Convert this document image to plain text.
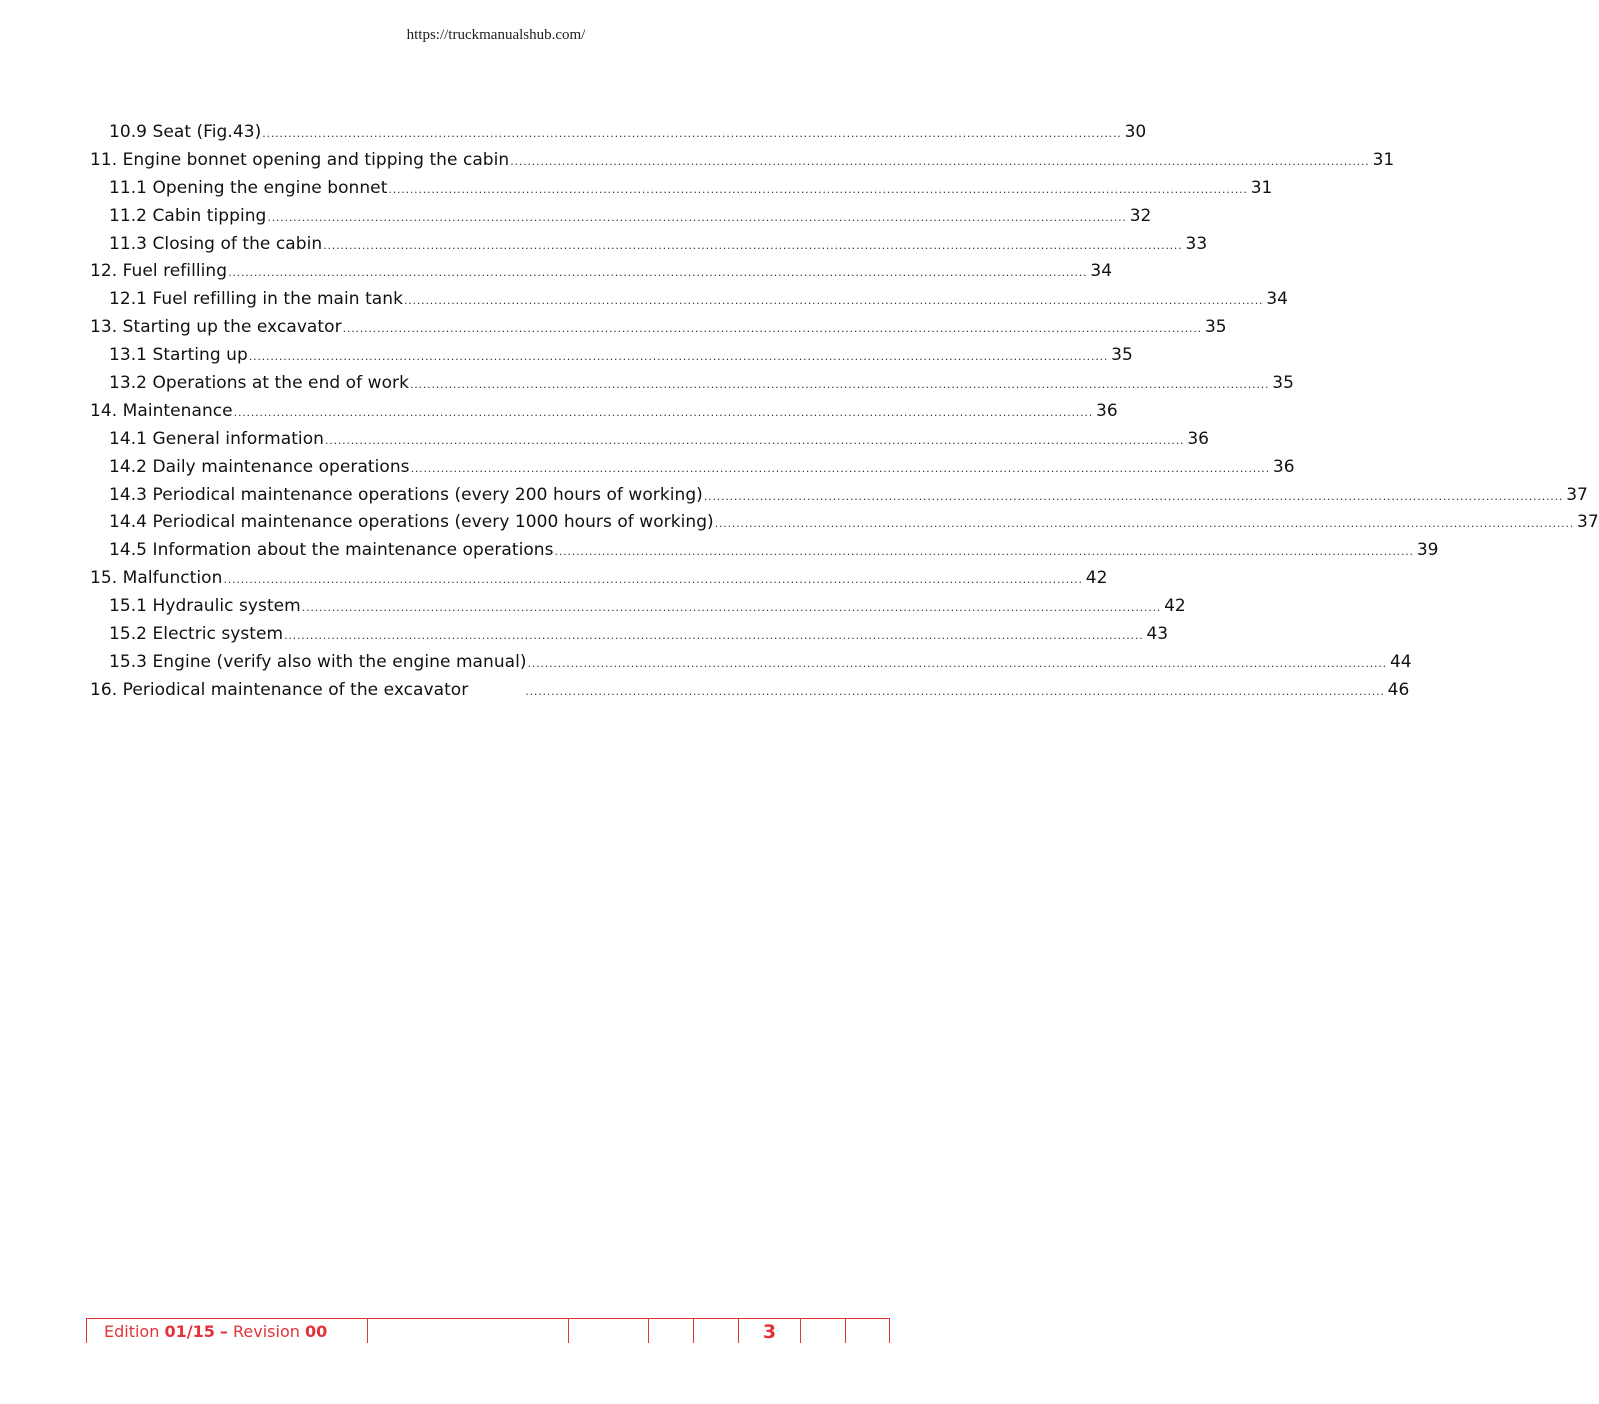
https://truckmanualshub.com/
10.9 Seat (Fig.43) ........................................................................................................................................................................................................ 30
11. Engine bonnet opening and tipping the cabin ........................................................................................................................................................................................................ 31
11.1 Opening the engine bonnet ........................................................................................................................................................................................................ 31
11.2 Cabin tipping ........................................................................................................................................................................................................ 32
11.3 Closing of the cabin ........................................................................................................................................................................................................ 33
12. Fuel refilling ........................................................................................................................................................................................................ 34
12.1 Fuel refilling in the main tank ........................................................................................................................................................................................................ 34
13. Starting up the excavator ........................................................................................................................................................................................................ 35
13.1 Starting up ........................................................................................................................................................................................................ 35
13.2 Operations at the end of work ........................................................................................................................................................................................................ 35
14. Maintenance ........................................................................................................................................................................................................ 36
14.1 General information ........................................................................................................................................................................................................ 36
14.2 Daily maintenance operations ........................................................................................................................................................................................................ 36
14.3 Periodical maintenance operations (every 200 hours of working) ........................................................................................................................................................................................................ 37
14.4 Periodical maintenance operations (every 1000 hours of working) ........................................................................................................................................................................................................ 37
14.5 Information about the maintenance operations ........................................................................................................................................................................................................ 39
15. Malfunction ........................................................................................................................................................................................................ 42
15.1 Hydraulic system ........................................................................................................................................................................................................ 42
15.2 Electric system ........................................................................................................................................................................................................ 43
15.3 Engine (verify also with the engine manual) ........................................................................................................................................................................................................ 44
16. Periodical maintenance of the excavator	........................................................................................................................................................................................................ 46
Edition 01/15 – Revision 00	3
